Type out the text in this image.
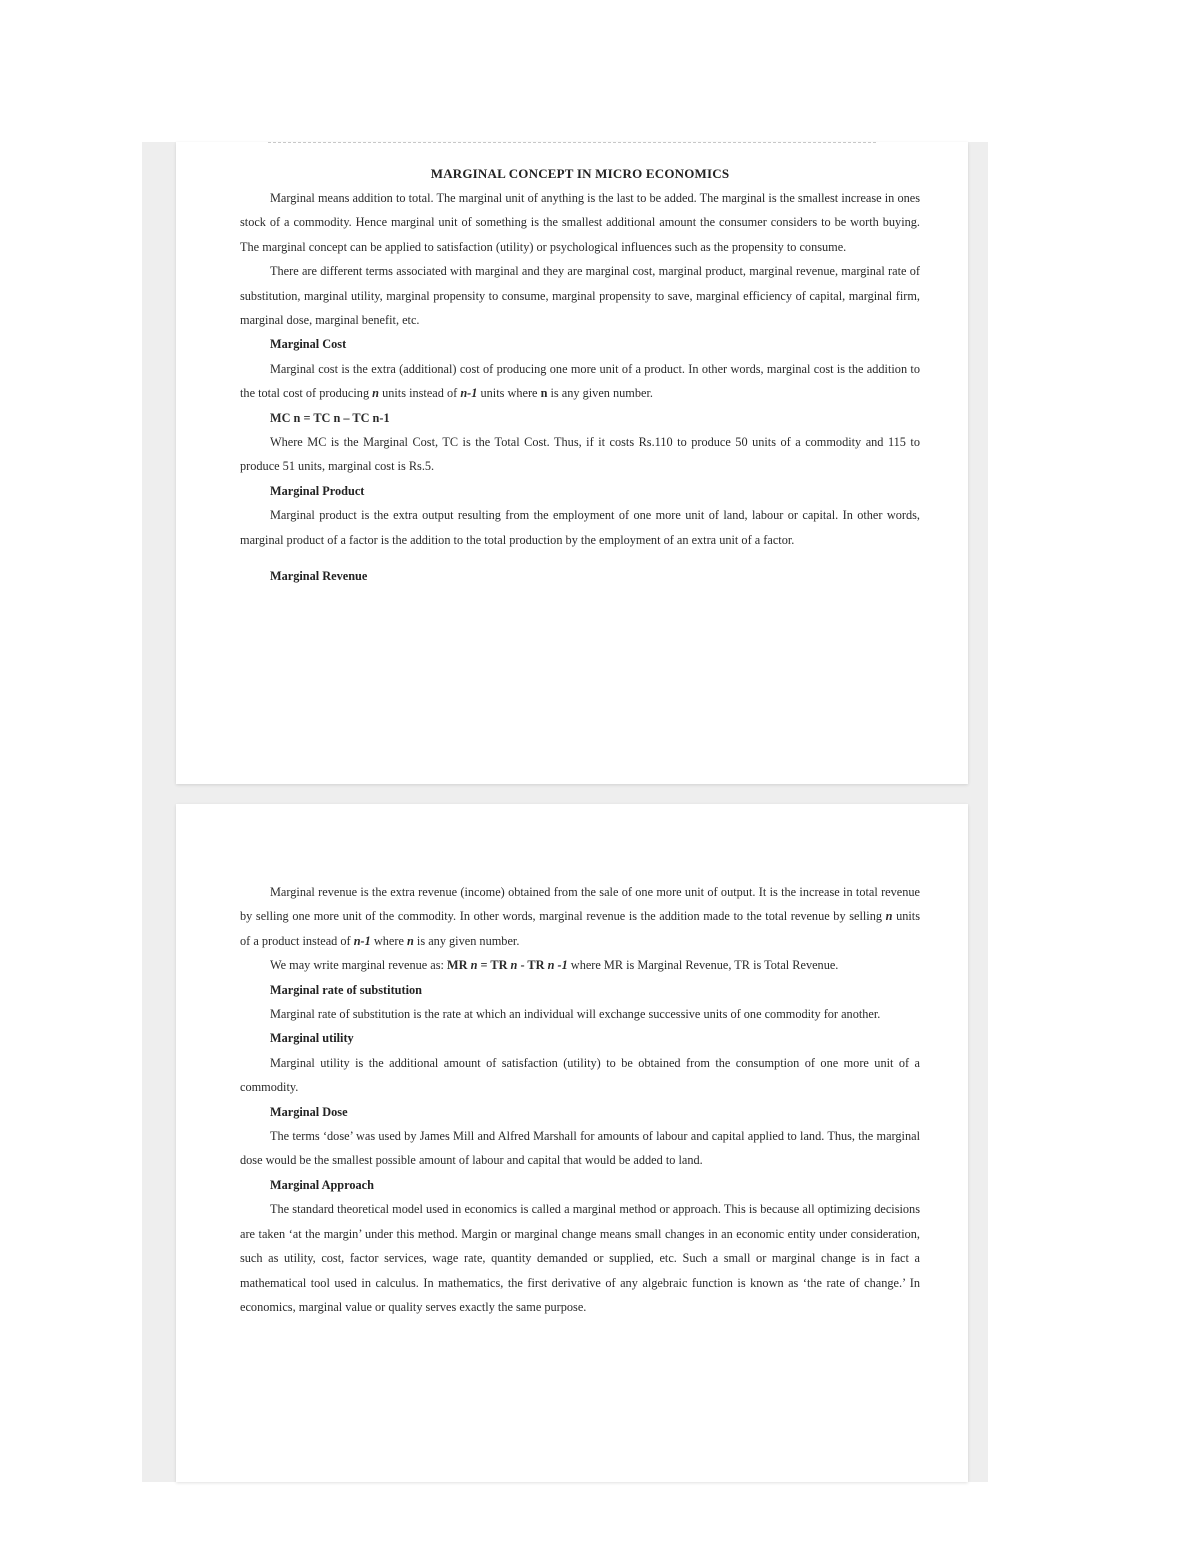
MARGINAL CONCEPT IN MICRO ECONOMICS

Marginal means addition to total. The marginal unit of anything is the last to be added. The marginal is the smallest increase in ones stock of a commodity. Hence marginal unit of something is the smallest additional amount the consumer considers to be worth buying. The marginal concept can be applied to satisfaction (utility) or psychological influences such as the propensity to consume.

There are different terms associated with marginal and they are marginal cost, marginal product, marginal revenue, marginal rate of substitution, marginal utility, marginal propensity to consume, marginal propensity to save, marginal efficiency of capital, marginal firm, marginal dose, marginal benefit, etc.

Marginal Cost

Marginal cost is the extra (additional) cost of producing one more unit of a product. In other words, marginal cost is the addition to the total cost of producing n units instead of n-1 units where n is any given number.

MC n = TC n – TC n-1

Where MC is the Marginal Cost, TC is the Total Cost. Thus, if it costs Rs.110 to produce 50 units of a commodity and 115 to produce 51 units, marginal cost is Rs.5.

Marginal Product

Marginal product is the extra output resulting from the employment of one more unit of land, labour or capital. In other words, marginal product of a factor is the addition to the total production by the employment of an extra unit of a factor.

Marginal Revenue

Marginal revenue is the extra revenue (income) obtained from the sale of one more unit of output. It is the increase in total revenue by selling one more unit of the commodity. In other words, marginal revenue is the addition made to the total revenue by selling n units of a product instead of n-1 where n is any given number.

We may write marginal revenue as: MR n = TR n - TR n -1 where MR is Marginal Revenue, TR is Total Revenue.

Marginal rate of substitution

Marginal rate of substitution is the rate at which an individual will exchange successive units of one commodity for another.

Marginal utility

Marginal utility is the additional amount of satisfaction (utility) to be obtained from the consumption of one more unit of a commodity.

Marginal Dose

The terms ‘dose’ was used by James Mill and Alfred Marshall for amounts of labour and capital applied to land. Thus, the marginal dose would be the smallest possible amount of labour and capital that would be added to land.

Marginal Approach

The standard theoretical model used in economics is called a marginal method or approach. This is because all optimizing decisions are taken ‘at the margin’ under this method. Margin or marginal change means small changes in an economic entity under consideration, such as utility, cost, factor services, wage rate, quantity demanded or supplied, etc. Such a small or marginal change is in fact a mathematical tool used in calculus. In mathematics, the first derivative of any algebraic function is known as ‘the rate of change.’ In economics, marginal value or quality serves exactly the same purpose.
